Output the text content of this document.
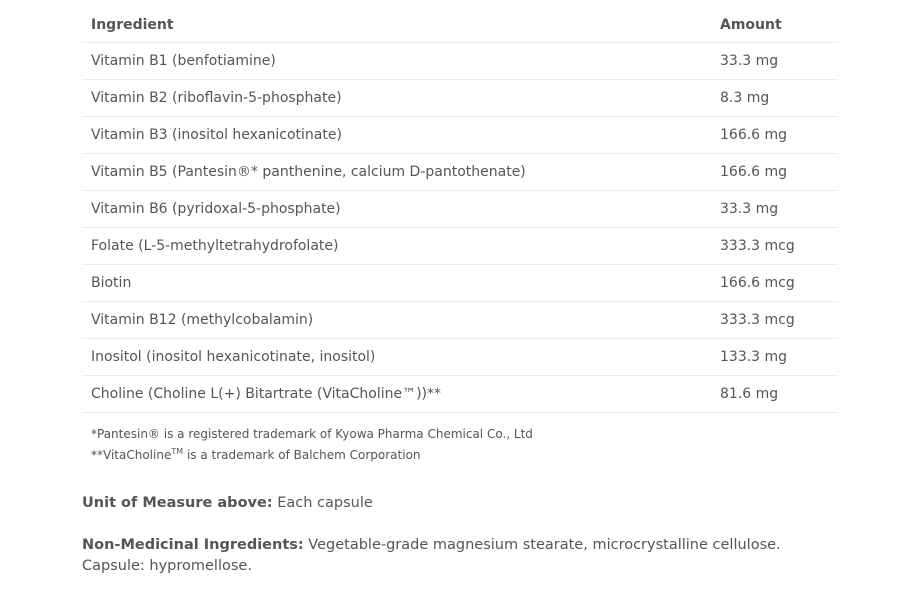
Ingredient	Amount
Vitamin B1 (benfotiamine)	33.3 mg
Vitamin B2 (riboflavin-5-phosphate)	8.3 mg
Vitamin B3 (inositol hexanicotinate)	166.6 mg
Vitamin B5 (Pantesin®* panthenine, calcium D-pantothenate)	166.6 mg
Vitamin B6 (pyridoxal-5-phosphate)	33.3 mg
Folate (L-5-methyltetrahydrofolate)	333.3 mcg
Biotin	166.6 mcg
Vitamin B12 (methylcobalamin)	333.3 mcg
Inositol (inositol hexanicotinate, inositol)	133.3 mg
Choline (Choline L(+) Bitartrate (VitaCholine™))**	81.6 mg
*Pantesin® is a registered trademark of Kyowa Pharma Chemical Co., Ltd
**VitaCholine™ is a trademark of Balchem Corporation

Unit of Measure above: Each capsule

Non-Medicinal Ingredients: Vegetable-grade magnesium stearate, microcrystalline cellulose. Capsule: hypromellose.
